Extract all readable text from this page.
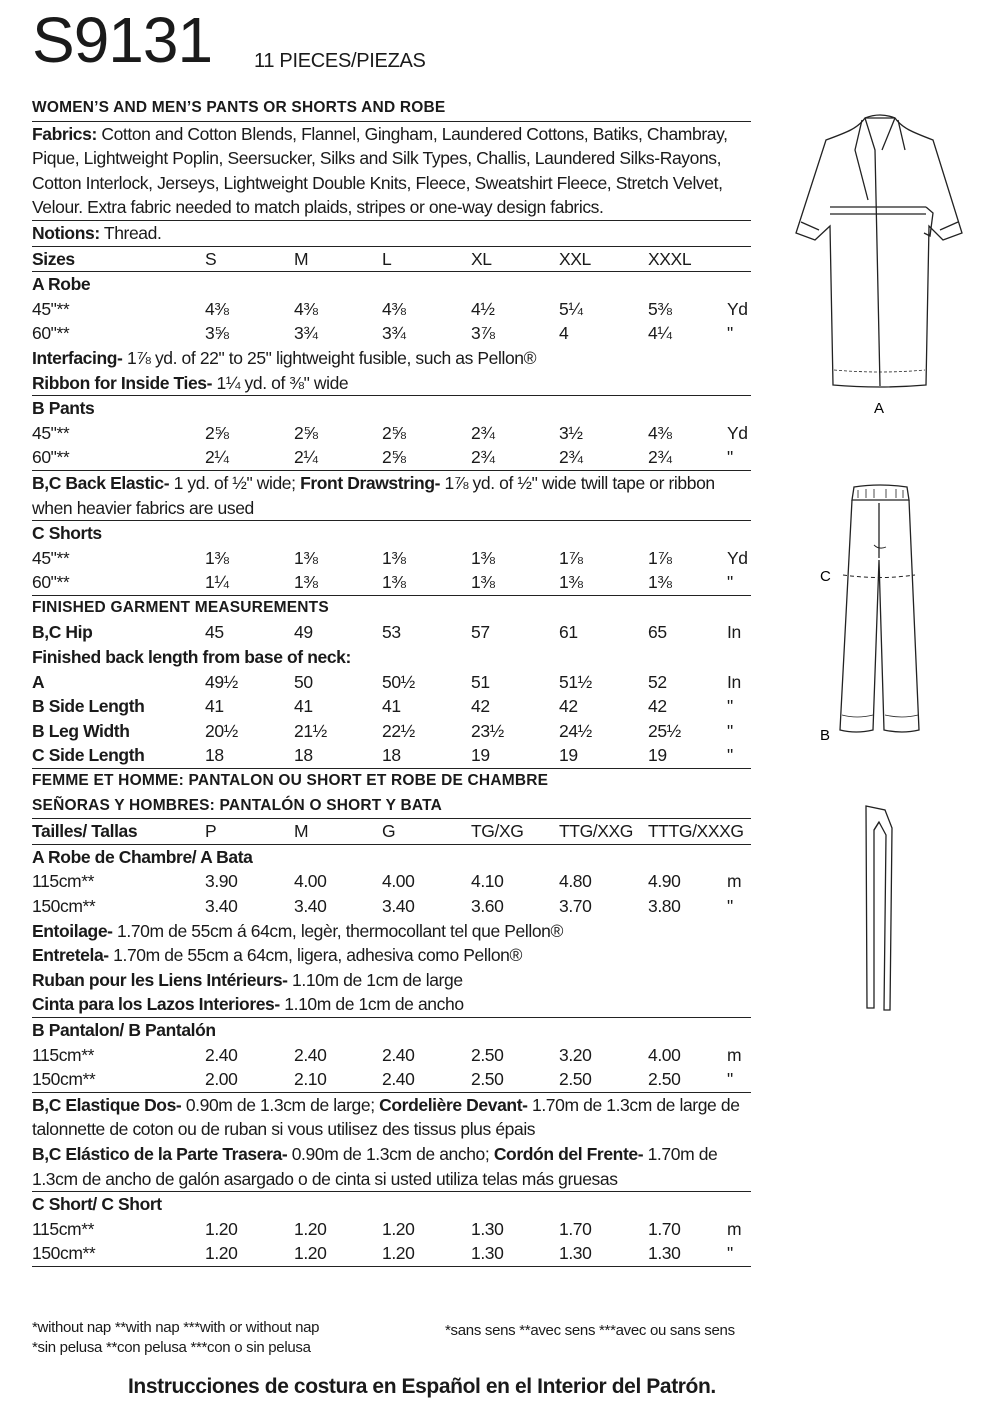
S9131 11 PIECES/PIEZAS
WOMEN’S AND MEN’S PANTS OR SHORTS AND ROBE
Fabrics: Cotton and Cotton Blends, Flannel, Gingham, Laundered Cottons, Batiks, Chambray,
Pique, Lightweight Poplin, Seersucker, Silks and Silk Types, Challis, Laundered Silks-Rayons,
Cotton Interlock, Jerseys, Lightweight Double Knits, Fleece, Sweatshirt Fleece, Stretch Velvet,
Velour. Extra fabric needed to match plaids, stripes or one-way design fabrics.
Notions: Thread.
Sizes	S	M	L	XL	XXL	XXXL
A Robe
45"**	4⅜	4⅜	4⅜	4½	5¼	5⅜	Yd
60"**	3⅝	3¾	3¾	3⅞	4	4¼	"
Interfacing- 1⅞ yd. of 22" to 25" lightweight fusible, such as Pellon®
Ribbon for Inside Ties- 1¼ yd. of ⅜" wide
B Pants
45"**	2⅝	2⅝	2⅝	2¾	3½	4⅜	Yd
60"**	2¼	2¼	2⅝	2¾	2¾	2¾	"
B,C Back Elastic- 1 yd. of ½" wide; Front Drawstring- 1⅞ yd. of ½" wide twill tape or ribbon
when heavier fabrics are used
C Shorts
45"**	1⅜	1⅜	1⅜	1⅜	1⅞	1⅞	Yd
60"**	1¼	1⅜	1⅜	1⅜	1⅜	1⅜	"
FINISHED GARMENT MEASUREMENTS
B,C Hip	45	49	53	57	61	65	In
Finished back length from base of neck:
A	49½	50	50½	51	51½	52	In
B Side Length	41	41	41	42	42	42	"
B Leg Width	20½	21½	22½	23½	24½	25½	"
C Side Length	18	18	18	19	19	19	"
FEMME ET HOMME: PANTALON OU SHORT ET ROBE DE CHAMBRE
SEÑORAS Y HOMBRES: PANTALÓN O SHORT Y BATA
Tailles/ Tallas	P	M	G	TG/XG TTG/XXG TTTG/XXXG
A Robe de Chambre/ A Bata
115cm**	3.90	4.00	4.00	4.10	4.80	4.90	m
150cm**	3.40	3.40	3.40	3.60	3.70	3.80	"
Entoilage- 1.70m de 55cm á 64cm, legèr, thermocollant tel que Pellon®
Entretela- 1.70m de 55cm a 64cm, ligera, adhesiva como Pellon®
Ruban pour les Liens Intérieurs- 1.10m de 1cm de large
Cinta para los Lazos Interiores- 1.10m de 1cm de ancho
B Pantalon/ B Pantalón
115cm**	2.40	2.40	2.40	2.50	3.20	4.00	m
150cm**	2.00	2.10	2.40	2.50	2.50	2.50	"
B,C Elastique Dos- 0.90m de 1.3cm de large; Cordelière Devant- 1.70m de 1.3cm de large de
talonnette de coton ou de ruban si vous utilisez des tissus plus épais
B,C Elástico de la Parte Trasera- 0.90m de 1.3cm de ancho; Cordón del Frente- 1.70m de
1.3cm de ancho de galón asargado o de cinta si usted utiliza telas más gruesas
C Short/ C Short
115cm**	1.20	1.20	1.20	1.30	1.70	1.70	m
150cm**	1.20	1.20	1.20	1.30	1.30	1.30	"
*without nap **with nap ***with or without nap
*sin pelusa **con pelusa ***con o sin pelusa
*sans sens **avec sens ***avec ou sans sens
Instrucciones de costura en Español en el Interior del Patrón.
A
C
B
